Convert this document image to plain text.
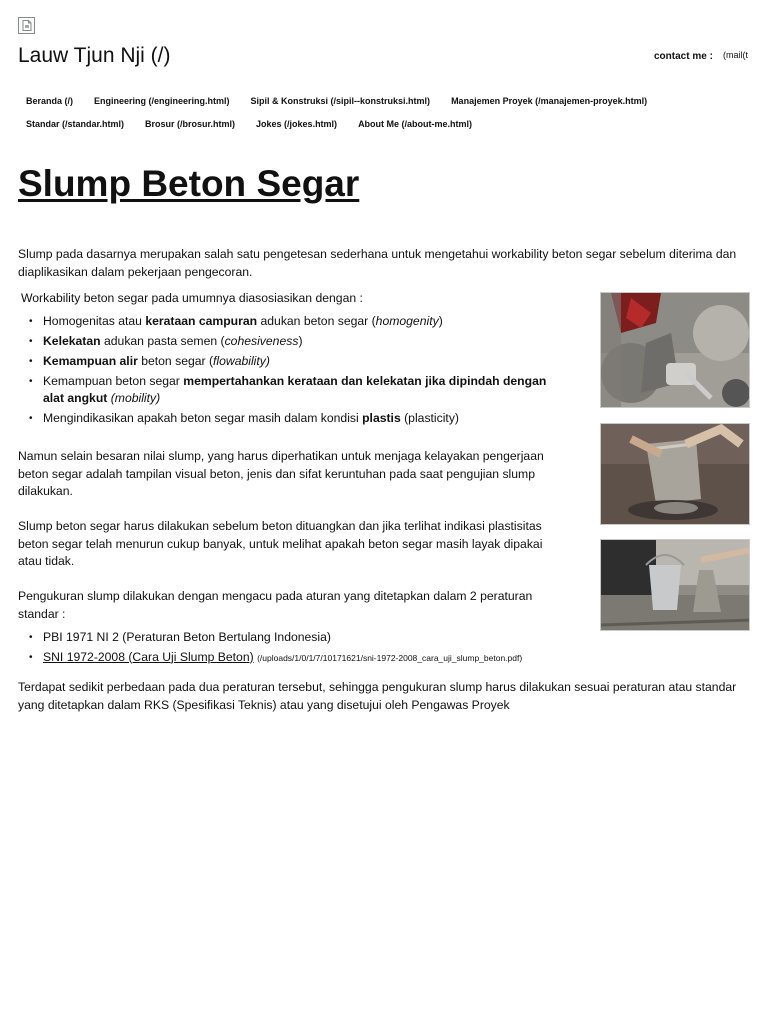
Lauw Tjun Nji (/)	contact me : (mail(t
Beranda (/) Engineering (/engineering.html) Sipil & Konstruksi (/sipil--konstruksi.html) Manajemen Proyek (/manajemen-proyek.html)
Standar (/standar.html) Brosur (/brosur.html) Jokes (/jokes.html) About Me (/about-me.html)
Slump Beton Segar
Slump pada dasarnya merupakan salah satu pengetesan sederhana untuk mengetahui workability beton segar sebelum diterima dan diaplikasikan dalam pekerjaan pengecoran.
Workability beton segar pada umumnya diasosiasikan dengan :
• Homogenitas atau kerataan campuran adukan beton segar (homogenity)
• Kelekatan adukan pasta semen (cohesiveness)
• Kemampuan alir beton segar (flowability)
• Kemampuan beton segar mempertahankan kerataan dan kelekatan jika dipindah dengan alat angkut (mobility)
• Mengindikasikan apakah beton segar masih dalam kondisi plastis (plasticity)
Namun selain besaran nilai slump, yang harus diperhatikan untuk menjaga kelayakan pengerjaan beton segar adalah tampilan visual beton, jenis dan sifat keruntuhan pada saat pengujian slump dilakukan.
Slump beton segar harus dilakukan sebelum beton dituangkan dan jika terlihat indikasi plastisitas beton segar telah menurun cukup banyak, untuk melihat apakah beton segar masih layak dipakai atau tidak.
Pengukuran slump dilakukan dengan mengacu pada aturan yang ditetapkan dalam 2 peraturan standar :
• PBI 1971 NI 2 (Peraturan Beton Bertulang Indonesia)
• SNI 1972-2008 (Cara Uji Slump Beton) (/uploads/1/0/1/7/10171621/sni-1972-2008_cara_uji_slump_beton.pdf)
Terdapat sedikit perbedaan pada dua peraturan tersebut, sehingga pengukuran slump harus dilakukan sesuai peraturan atau standar yang ditetapkan dalam RKS (Spesifikasi Teknis) atau yang disetujui oleh Pengawas Proyek
